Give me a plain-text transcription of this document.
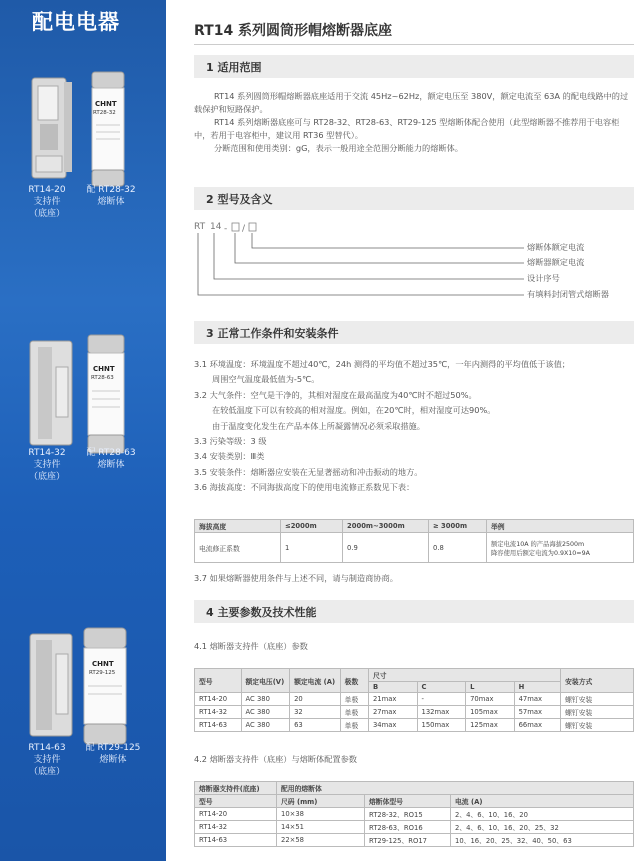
配电电器
CHNT
RT28-32
RT14-20
支持件
（底座）
配 RT28-32
熔断体
CHNT
RT28-63
RT14-32
支持件
（底座）
配 RT28-63
熔断体
CHNT
RT29-125
RT14-63
支持件
（底座）
配 RT29-125
熔断体
RT14 系列圆筒形帽熔断器底座
1 适用范围

RT14 系列圆筒形帽熔断器底座适用于交流 45Hz~62Hz，额定电压至 380V，额定电流至 63A 的配电线路中的过载保护和短路保护。

RT14 系列熔断器底座可与 RT28-32、RT28-63、RT29-125 型熔断体配合使用（此型熔断器不推荐用于电容柜中，若用于电容柜中，建议用 RT36 型替代）。

分断范围和使用类别：gG，表示一般用途全范围分断能力的熔断体。

2 型号及含义
RT 14 - /
熔断体额定电流
熔断器额定电流
设计序号
有填料封闭管式熔断器
3 正常工作条件和安装条件
3.1 环境温度：环境温度不超过40℃，24h 测得的平均值不超过35℃，一年内测得的平均值低于该值；
周围空气温度最低值为-5℃。
3.2 大气条件：空气是干净的，其相对湿度在最高温度为40℃时不超过50%。
在较低温度下可以有较高的相对湿度。例如，在20℃时，相对湿度可达90%。
由于温度变化发生在产品本体上所凝露情况必须采取措施。
3.3 污染等级：3 级
3.4 安装类别：Ⅲ类
3.5 安装条件：熔断器应安装在无显著摇动和冲击振动的地方。
3.6 海拔高度：不同海拔高度下的使用电流修正系数见下表：
海拔高度	≤2000m	2000m~3000m	≥ 3000m	举例
电流修正系数	1	0.9	0.8	额定电流10A 的产品海拔2500m
降容使用后额定电流为0.9X10=9A
3.7 如果熔断器使用条件与上述不同，请与制造商协商。
4 主要参数及技术性能
4.1 熔断器支持件（底座）参数
型号	额定电压(V)	额定电流 (A)	极数	尺寸				安装方式
				B	C	L	H	
RT14-20	AC 380	20	单极	21max	-	70max	47max	螺钉安装
RT14-32	AC 380	32	单极	27max	132max	105max	57max	螺钉安装
RT14-63	AC 380	63	单极	34max	150max	125max	66max	螺钉安装
4.2 熔断器支持件（底座）与熔断体配置参数
熔断器支持件(底座)	配用的熔断体		
型号	尺码 (mm)	熔断体型号	电流 (A)
RT14-20	10×38	RT28-32、RO15	2、4、6、10、16、20
RT14-32	14×51	RT28-63、RO16	2、4、6、10、16、20、25、32
RT14-63	22×58	RT29-125、RO17	10、16、20、25、32、40、50、63
